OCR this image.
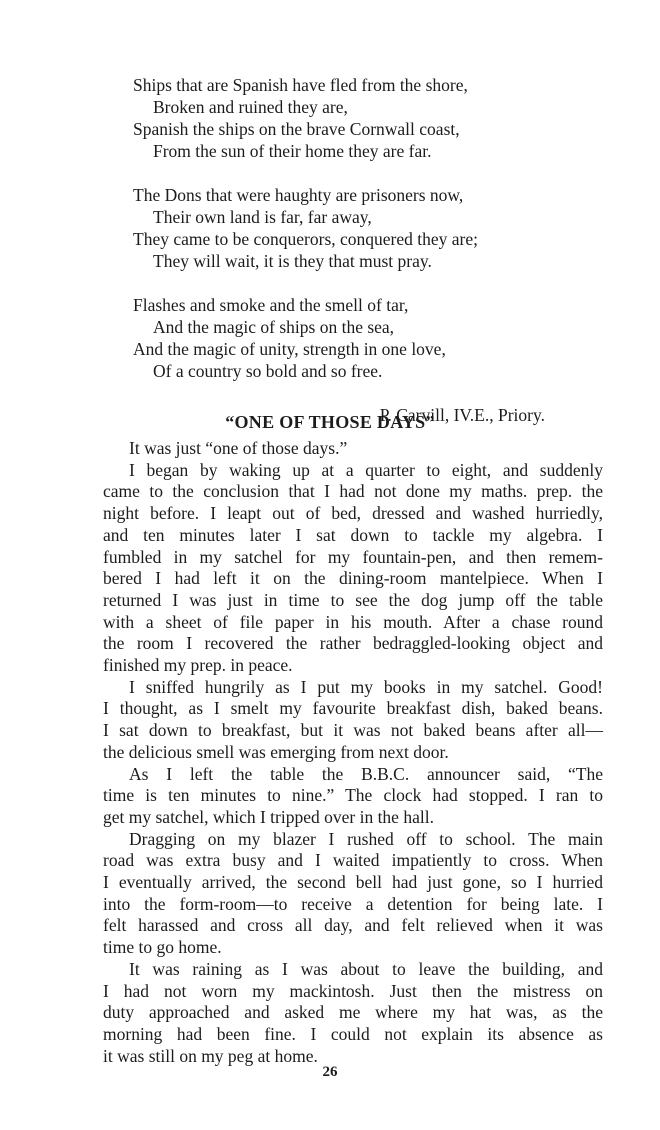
Ships that are Spanish have fled from the shore,
Broken and ruined they are,
Spanish the ships on the brave Cornwall coast,
From the sun of their home they are far.
The Dons that were haughty are prisoners now,
Their own land is far, far away,
They came to be conquerors, conquered they are;
They will wait, it is they that must pray.
Flashes and smoke and the smell of tar,
And the magic of ships on the sea,
And the magic of unity, strength in one love,
Of a country so bold and so free.
P. Carvill, IV.E., Priory.
“ONE OF THOSE DAYS”
It was just “one of those days.”
I began by waking up at a quarter to eight, and suddenly
came to the conclusion that I had not done my maths. prep. the
night before. I leapt out of bed, dressed and washed hurriedly,
and ten minutes later I sat down to tackle my algebra. I
fumbled in my satchel for my fountain-pen, and then remem-
bered I had left it on the dining-room mantelpiece. When I
returned I was just in time to see the dog jump off the table
with a sheet of file paper in his mouth. After a chase round
the room I recovered the rather bedraggled-looking object and
finished my prep. in peace.
I sniffed hungrily as I put my books in my satchel. Good!
I thought, as I smelt my favourite breakfast dish, baked beans.
I sat down to breakfast, but it was not baked beans after all—
the delicious smell was emerging from next door.
As I left the table the B.B.C. announcer said, “The
time is ten minutes to nine.” The clock had stopped. I ran to
get my satchel, which I tripped over in the hall.
Dragging on my blazer I rushed off to school. The main
road was extra busy and I waited impatiently to cross. When
I eventually arrived, the second bell had just gone, so I hurried
into the form-room—to receive a detention for being late. I
felt harassed and cross all day, and felt relieved when it was
time to go home.
It was raining as I was about to leave the building, and
I had not worn my mackintosh. Just then the mistress on
duty approached and asked me where my hat was, as the
morning had been fine. I could not explain its absence as
it was still on my peg at home.
26
